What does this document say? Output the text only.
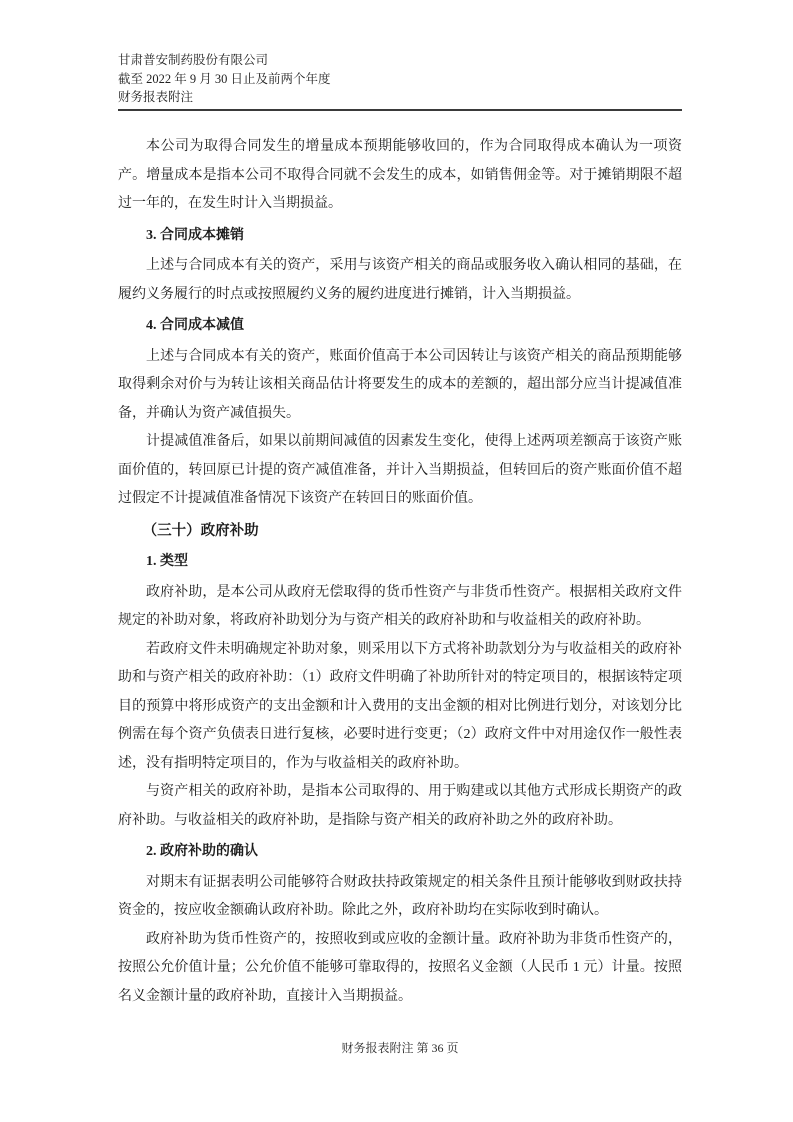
甘肃普安制药股份有限公司
截至 2022 年 9 月 30 日止及前两个年度
财务报表附注

本公司为取得合同发生的增量成本预期能够收回的，作为合同取得成本确认为一项资产。增量成本是指本公司不取得合同就不会发生的成本，如销售佣金等。对于摊销期限不超过一年的，在发生时计入当期损益。

3. 合同成本摊销

上述与合同成本有关的资产，采用与该资产相关的商品或服务收入确认相同的基础，在履约义务履行的时点或按照履约义务的履约进度进行摊销，计入当期损益。

4. 合同成本减值

上述与合同成本有关的资产，账面价值高于本公司因转让与该资产相关的商品预期能够取得剩余对价与为转让该相关商品估计将要发生的成本的差额的，超出部分应当计提减值准备，并确认为资产减值损失。

计提减值准备后，如果以前期间减值的因素发生变化，使得上述两项差额高于该资产账面价值的，转回原已计提的资产减值准备，并计入当期损益，但转回后的资产账面价值不超过假定不计提减值准备情况下该资产在转回日的账面价值。

（三十）政府补助
1. 类型

政府补助，是本公司从政府无偿取得的货币性资产与非货币性资产。根据相关政府文件规定的补助对象，将政府补助划分为与资产相关的政府补助和与收益相关的政府补助。

若政府文件未明确规定补助对象，则采用以下方式将补助款划分为与收益相关的政府补助和与资产相关的政府补助：（1）政府文件明确了补助所针对的特定项目的，根据该特定项目的预算中将形成资产的支出金额和计入费用的支出金额的相对比例进行划分，对该划分比例需在每个资产负债表日进行复核，必要时进行变更；（2）政府文件中对用途仅作一般性表述，没有指明特定项目的，作为与收益相关的政府补助。

与资产相关的政府补助，是指本公司取得的、用于购建或以其他方式形成长期资产的政府补助。与收益相关的政府补助，是指除与资产相关的政府补助之外的政府补助。

2. 政府补助的确认

对期末有证据表明公司能够符合财政扶持政策规定的相关条件且预计能够收到财政扶持资金的，按应收金额确认政府补助。除此之外，政府补助均在实际收到时确认。

政府补助为货币性资产的，按照收到或应收的金额计量。政府补助为非货币性资产的，按照公允价值计量；公允价值不能够可靠取得的，按照名义金额（人民币 1 元）计量。按照名义金额计量的政府补助，直接计入当期损益。

财务报表附注 第 36 页
